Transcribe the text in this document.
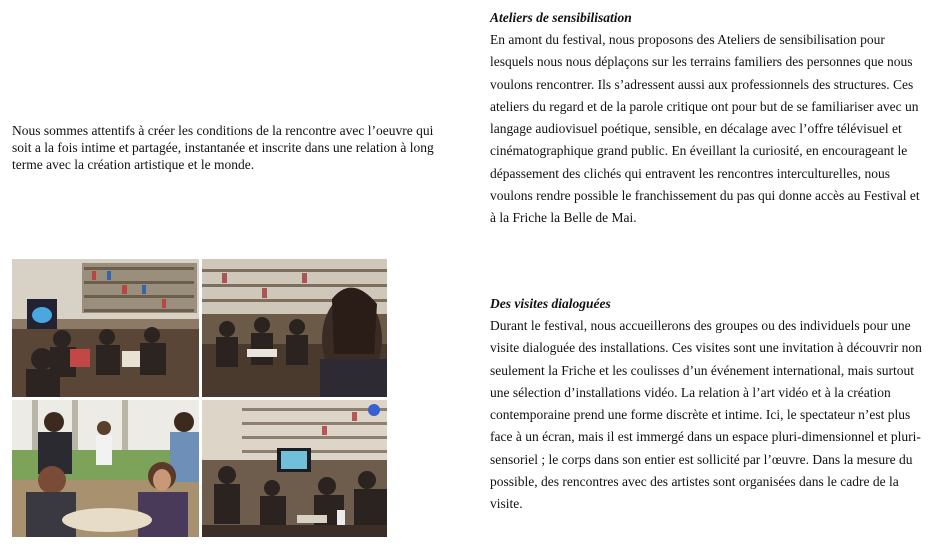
Nous sommes attentifs à créer les conditions de la rencontre avec l’oeuvre qui soit a la fois intime et partagée, instantanée et inscrite dans une relation à long terme avec la création artistique et le monde.
Ateliers de sensibilisation

En amont du festival, nous proposons des Ateliers de sensibilisation pour lesquels nous nous déplaçons sur les terrains familiers des personnes que nous voulons rencontrer. Ils s’adressent aussi aux professionnels des structures. Ces ateliers du regard et de la parole critique ont pour but de se familiariser avec un langage audiovisuel poétique, sensible, en décalage avec l’offre télévisuel et cinématographique grand public. En éveillant la curiosité, en encourageant le dépassement des clichés qui entravent les rencontres interculturelles, nous voulons rendre possible le franchissement du pas qui donne accès au Festival et à la Friche la Belle de Mai.

Des visites dialoguées

Durant le festival, nous accueillerons des groupes ou des individuels pour une visite dialoguée des installations. Ces visites sont une invitation à découvrir non seulement la Friche et les coulisses d’un événement international, mais surtout une sélection d’installations vidéo. La relation à l’art vidéo et à la création contemporaine prend une forme discrète et intime. Ici, le spectateur n’est plus face à un écran, mais il est immergé dans un espace pluri-dimensionnel et pluri-sensoriel ; le corps dans son entier est sollicité par l’œuvre. Dans la mesure du possible, des rencontres avec des artistes sont organisées dans le cadre de la visite.
